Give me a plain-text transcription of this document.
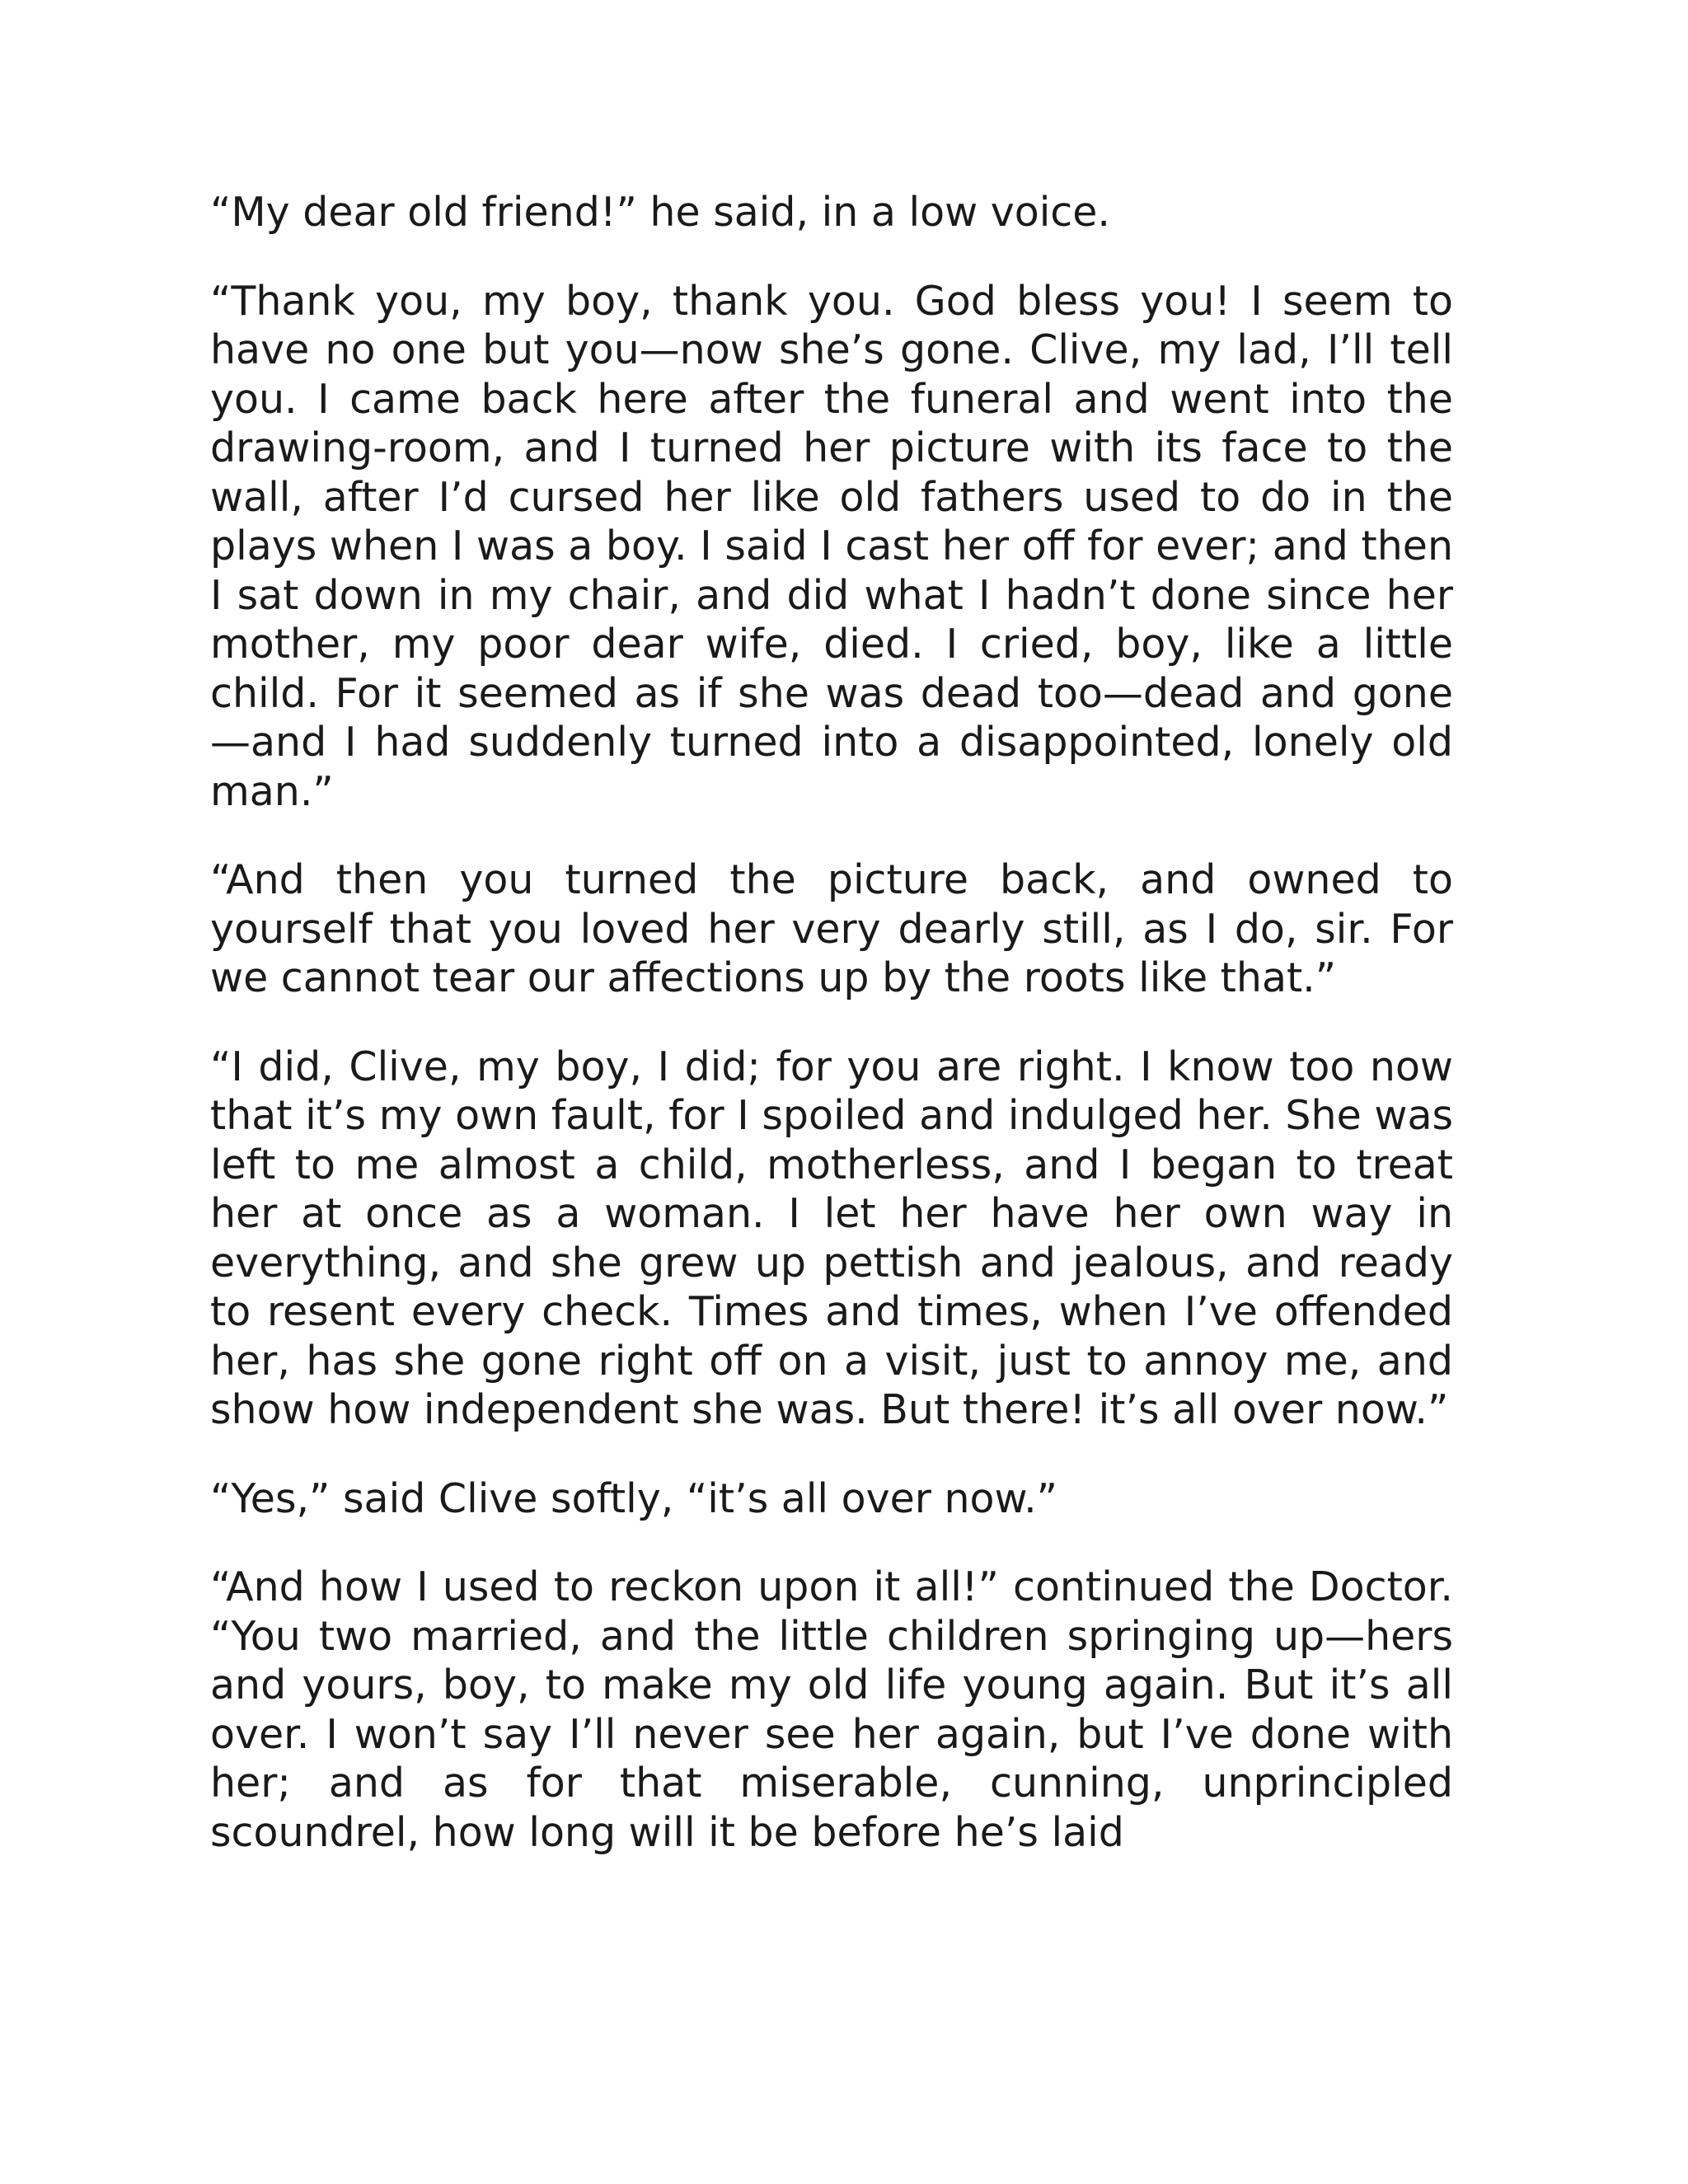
“My dear old friend!” he said, in a low voice.

“Thank you, my boy, thank you. God bless you! I seem to have no one but you—now she’s gone. Clive, my lad, I’ll tell you. I came back here after the funeral and went into the drawing-room, and I turned her picture with its face to the wall, after I’d cursed her like old fathers used to do in the plays when I was a boy. I said I cast her off for ever; and then I sat down in my chair, and did what I hadn’t done since her mother, my poor dear wife, died. I cried, boy, like a little child. For it seemed as if she was dead too—dead and gone—and I had suddenly turned into a disappointed, lonely old man.”

“And then you turned the picture back, and owned to yourself that you loved her very dearly still, as I do, sir. For we cannot tear our affections up by the roots like that.”

“I did, Clive, my boy, I did; for you are right. I know too now that it’s my own fault, for I spoiled and indulged her. She was left to me almost a child, motherless, and I began to treat her at once as a woman. I let her have her own way in everything, and she grew up pettish and jealous, and ready to resent every check. Times and times, when I’ve offended her, has she gone right off on a visit, just to annoy me, and show how independent she was. But there! it’s all over now.”

“Yes,” said Clive softly, “it’s all over now.”

“And how I used to reckon upon it all!” continued the Doctor. “You two married, and the little children springing up—hers and yours, boy, to make my old life young again. But it’s all over. I won’t say I’ll never see her again, but I’ve done with her; and as for that miserable, cunning, unprincipled scoundrel, how long will it be before he’s laid
